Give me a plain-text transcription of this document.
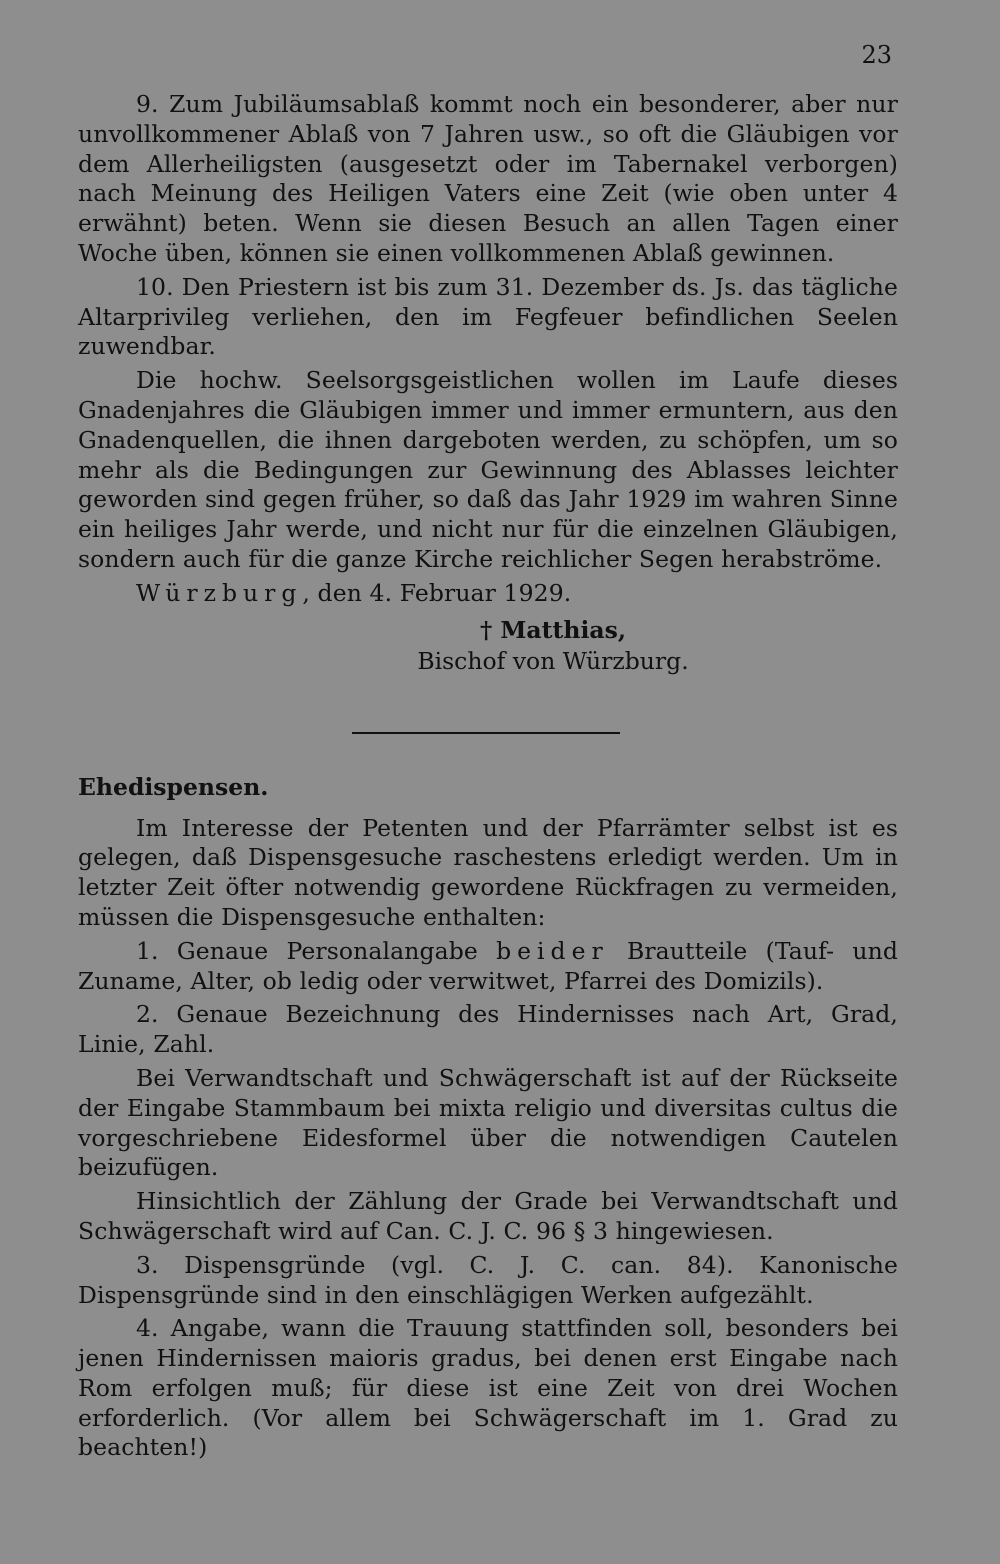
23

9. Zum Jubiläumsablaß kommt noch ein besonderer, aber nur unvollkommener Ablaß von 7 Jahren usw., so oft die Gläubigen vor dem Allerheiligsten (ausgesetzt oder im Tabernakel verborgen) nach Meinung des Heiligen Vaters eine Zeit (wie oben unter 4 erwähnt) beten. Wenn sie diesen Besuch an allen Tagen einer Woche üben, können sie einen vollkommenen Ablaß gewinnen.

10. Den Priestern ist bis zum 31. Dezember ds. Js. das tägliche Altarprivileg verliehen, den im Fegfeuer befindlichen Seelen zuwendbar.

Die hochw. Seelsorgsgeistlichen wollen im Laufe dieses Gnadenjahres die Gläubigen immer und immer ermuntern, aus den Gnadenquellen, die ihnen dargeboten werden, zu schöpfen, um so mehr als die Bedingungen zur Gewinnung des Ablasses leichter geworden sind gegen früher, so daß das Jahr 1929 im wahren Sinne ein heiliges Jahr werde, und nicht nur für die einzelnen Gläubigen, sondern auch für die ganze Kirche reichlicher Segen herabströme.

Würzburg, den 4. Februar 1929.

† Matthias,
Bischof von Würzburg.
Ehedispensen.

Im Interesse der Petenten und der Pfarrämter selbst ist es gelegen, daß Dispensgesuche raschestens erledigt werden. Um in letzter Zeit öfter notwendig gewordene Rückfragen zu vermeiden, müssen die Dispensgesuche enthalten:

1. Genaue Personalangabe beider Brautteile (Tauf- und Zuname, Alter, ob ledig oder verwitwet, Pfarrei des Domizils).

2. Genaue Bezeichnung des Hindernisses nach Art, Grad, Linie, Zahl.

Bei Verwandtschaft und Schwägerschaft ist auf der Rückseite der Eingabe Stammbaum bei mixta religio und diversitas cultus die vorgeschriebene Eidesformel über die notwendigen Cautelen beizufügen.

Hinsichtlich der Zählung der Grade bei Verwandtschaft und Schwägerschaft wird auf Can. C. J. C. 96 § 3 hingewiesen.

3. Dispensgründe (vgl. C. J. C. can. 84). Kanonische Dispensgründe sind in den einschlägigen Werken aufgezählt.

4. Angabe, wann die Trauung stattfinden soll, besonders bei jenen Hindernissen maioris gradus, bei denen erst Eingabe nach Rom erfolgen muß; für diese ist eine Zeit von drei Wochen erforderlich. (Vor allem bei Schwägerschaft im 1. Grad zu beachten!)
